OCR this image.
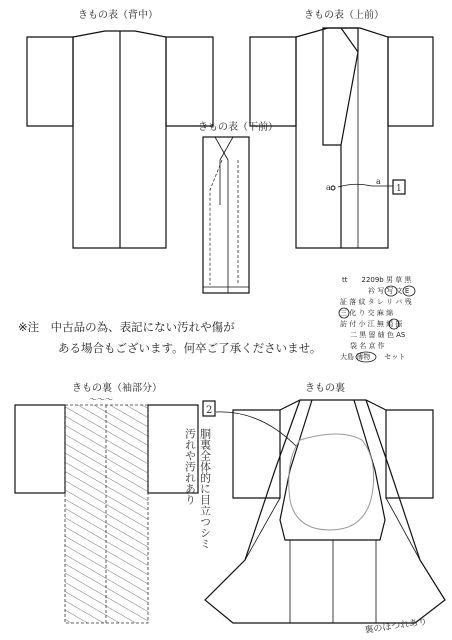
きもの表（背中）	きもの表（上前）
a
a
1
きもの表（下前）
tt　　2209b 男 草 黒
衿 写 写 文 E
証 落 紋 タ レ リ バ 残
三 化 り 交 麻 綿
訪 付 小 江 無 絹 振
二 黒 留 紬 色 AS
袋 名 京 作
大島 薄物　　セット
※注　中古品の為、表記にない汚れや傷が
ある場合もございます。何卒ご了承くださいませ。
きもの裏（袖部分）
～～～
きもの裏
2
胴裏全体的に目立つシミ
汚れや汚れあり
裏のほつれあり
